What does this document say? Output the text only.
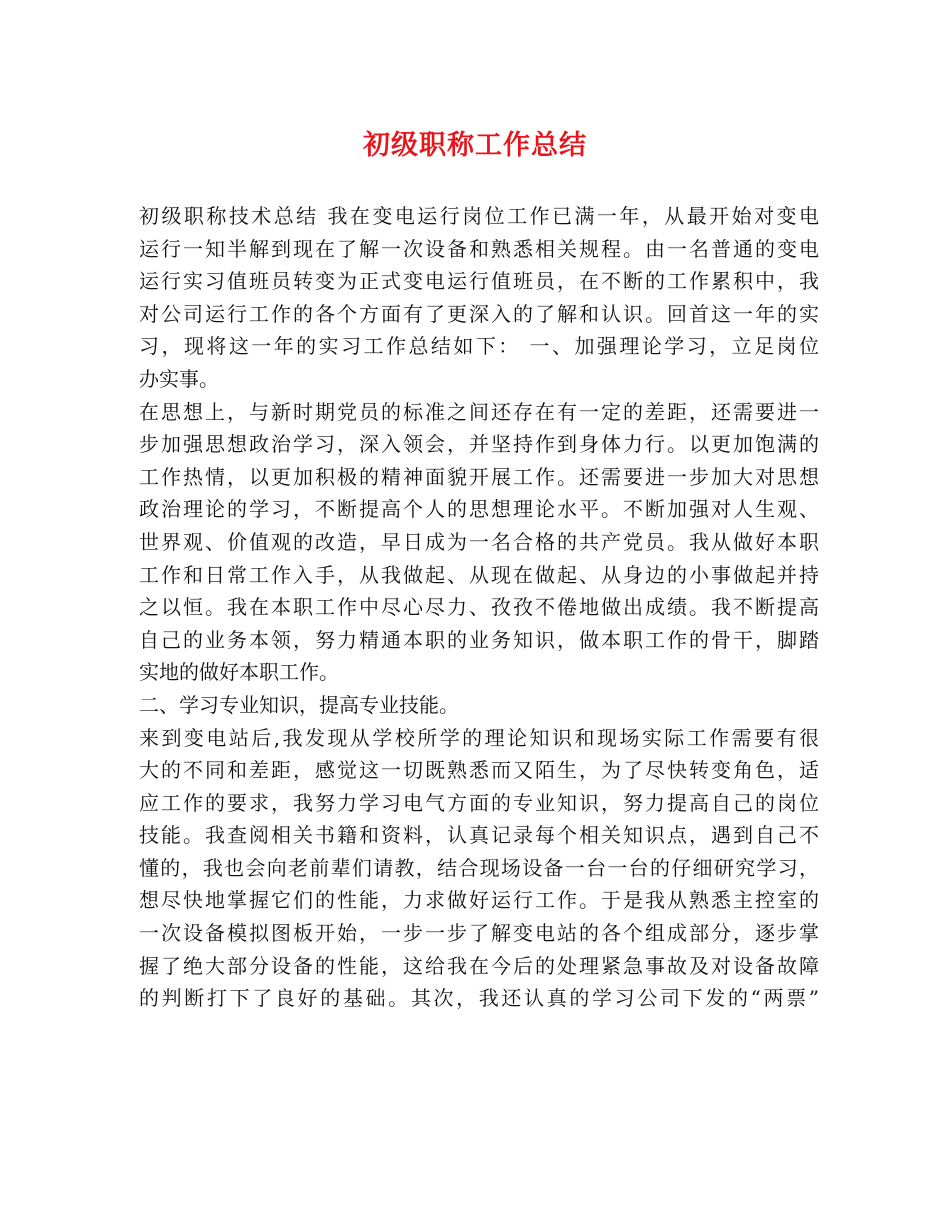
初级职称工作总结
初级职称技术总结 我在变电运行岗位工作已满一年，从最开始对变电
运行一知半解到现在了解一次设备和熟悉相关规程。由一名普通的变电
运行实习值班员转变为正式变电运行值班员，在不断的工作累积中，我
对公司运行工作的各个方面有了更深入的了解和认识。回首这一年的实
习，现将这一年的实习工作总结如下： 一、加强理论学习，立足岗位
办实事。
在思想上，与新时期党员的标准之间还存在有一定的差距，还需要进一
步加强思想政治学习，深入领会，并坚持作到身体力行。以更加饱满的
工作热情，以更加积极的精神面貌开展工作。还需要进一步加大对思想
政治理论的学习，不断提高个人的思想理论水平。不断加强对人生观、
世界观、价值观的改造，早日成为一名合格的共产党员。我从做好本职
工作和日常工作入手，从我做起、从现在做起、从身边的小事做起并持
之以恒。我在本职工作中尽心尽力、孜孜不倦地做出成绩。我不断提高
自己的业务本领，努力精通本职的业务知识，做本职工作的骨干，脚踏
实地的做好本职工作。
二、学习专业知识，提高专业技能。
来到变电站后,我发现从学校所学的理论知识和现场实际工作需要有很
大的不同和差距，感觉这一切既熟悉而又陌生，为了尽快转变角色，适
应工作的要求，我努力学习电气方面的专业知识，努力提高自己的岗位
技能。我查阅相关书籍和资料，认真记录每个相关知识点，遇到自己不
懂的，我也会向老前辈们请教，结合现场设备一台一台的仔细研究学习，
想尽快地掌握它们的性能，力求做好运行工作。于是我从熟悉主控室的
一次设备模拟图板开始，一步一步了解变电站的各个组成部分，逐步掌
握了绝大部分设备的性能，这给我在今后的处理紧急事故及对设备故障
的判断打下了良好的基础。其次，我还认真的学习公司下发的“两票”
